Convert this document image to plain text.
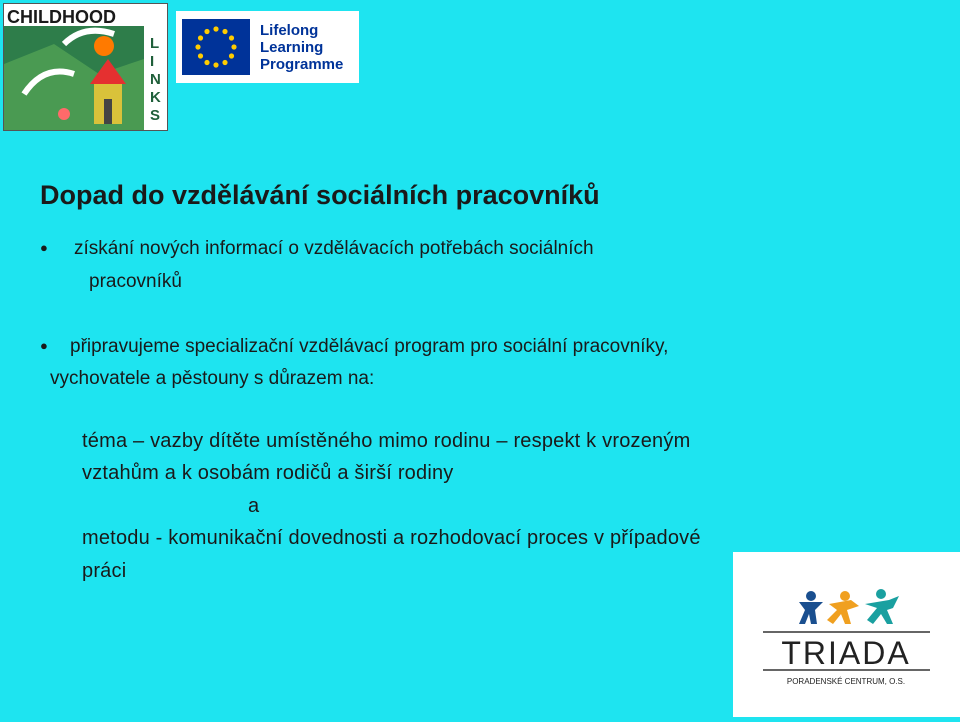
CHILDHOOD
L
I
N
K
S
Lifelong
Learning
Programme
Dopad do vzdělávání sociálních pracovníků
● získání nových informací o vzdělávacích potřebách sociálních
pracovníků
● připravujeme specializační vzdělávací program pro sociální pracovníky,
vychovatele a pěstouny s důrazem na:
téma – vazby dítěte umístěného mimo rodinu – respekt k vrozeným
vztahům a k osobám rodičů a širší rodiny
a
metodu - komunikační dovednosti a rozhodovací proces v případové
práci
TRIADA
PORADENSKÉ CENTRUM, O.S.
